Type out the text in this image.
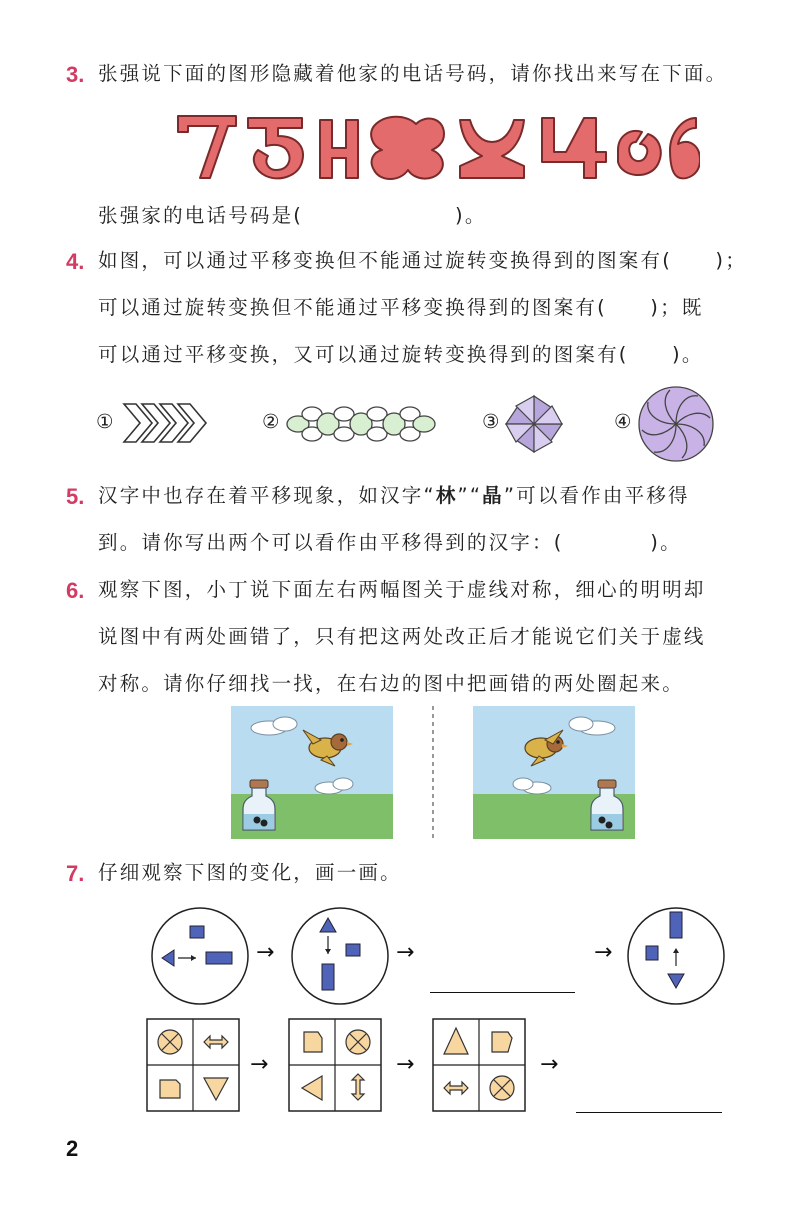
3. 张强说下面的图形隐藏着他家的电话号码，请你找出来写在下面。
张强家的电话号码是(　　　　　　　)。
4. 如图，可以通过平移变换但不能通过旋转变换得到的图案有(　　)；
可以通过旋转变换但不能通过平移变换得到的图案有(　　)；既
可以通过平移变换，又可以通过旋转变换得到的图案有(　　)。
①	②	③	④
5. 汉字中也存在着平移现象，如汉字“林”“晶”可以看作由平移得
到。请你写出两个可以看作由平移得到的汉字：(　　　　)。
6. 观察下图，小丁说下面左右两幅图关于虚线对称，细心的明明却
说图中有两处画错了，只有把这两处改正后才能说它们关于虚线
对称。请你仔细找一找，在右边的图中把画错的两处圈起来。
7. 仔细观察下图的变化，画一画。
→	→	→
→	→	→
2
